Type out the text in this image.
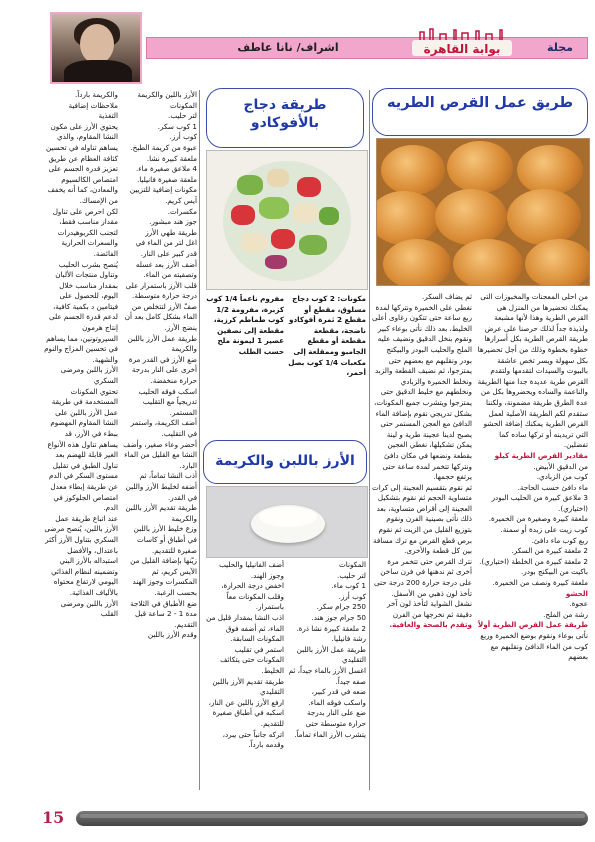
اشراف/ نانا عاطف	بوابة القاهرة	مجلة
طريق عمل القرص الطريه
من احلى المعجنات والمخبوزات التى يمكنك تحضيرها من المنزل هى القرص الطرية وهذا لأنها مشبعة ولذيذة جداً لذلك حرصنا على عرض طريقة القرص الطرية بكل أسرارها خطوة بخطوة وذلك من أجل تحضيرها بكل سهولة ويسر تخص عاشقة بالبيوت والسيدات لتقدمها ولتقدم القرص طرية عديدة جدا منها الطريقة والناعمة والساده ويحضروها بكل من عدة الطرق طريقة مضمونة، ولكننا ستقدم لكم الطريقة الأصلية لعمل القرص الطرية يمكنك إضافة الحشو التي تريدينه أو تركها ساده كما تفضلين.
مقادير القرص الطرية كيلو
من الدقيق الأبيض.
كوب من الزبادي.
ماء دافئ حسب الحاجة.
3 ملاعق كبيرة من الحليب البودر (اختياري).
ملعقة كبيرة وصغيرة من الخميرة.
كوب زيت على زبدة أو سمنة.
ربع كوب ماء دافئ.
2 ملعقة كبيرة من السكر.
2 ملعقة كبيرة من الخلطة (اختياري).
باكيت من البيكنج بودر.
ملعقة كبيرة ونصف من الخميرة.
الحشو
عجوة.
رشة من الملح.
طريقة عمل القرص الطرية أولاً
نأتى بوعاء ونقوم بوضع الخميرة وربع كوب من الماء الدافئ ونقلبهم مع بعضهم
ثم يضاف السكر.
نغطي على الخميرة ونتركها لمدة ربع ساعة حتى تتكون رغاوى أعلى الخليط، بعد ذلك نأتى بوعاء كبير ونقوم بنخل الدقيق ونضيف عليه الملح والحليب البودر والبيكنج بودر ونقلبهم مع بعضهم حتى يمتزجوا، ثم نضيف القطعة والزبد ونخلط الخميرة والزبادي ونخلطهم مع خليط الدقيق حتى يمتزجوا ويتشرب جميع المكونات، بشكل تدريجي نقوم بإضافة الماء الدافئ مع العجن المستمر حتى يصبح لدينا عجينة طرية و لينة يمكن تشكيلها، نغطي العجين بقطعة ونضعها في مكان دافئ ونتركها تتخمر لمدة ساعة حتى يرتفع حجمها.
ثم نقوم بتقسيم العجينة إلى كرات متساوية الحجم ثم نقوم بتشكيل العجينة إلى أقراص متساوية، بعد ذلك نأتى بصينية الفرن ونقوم بتوزيع القليل من الزيت ثم نقوم برص قطع القرص مع ترك مسافة بين كل قطعة والأخرى.
نترك القرص حتى تتخمر مرة أخرى ثم ندهنها في فرن ساخن على درجة حرارة 200 درجة حتى تأخذ لون ذهبي من الأسفل.
نشغل الشواية لتأخذ لون آخر دقيقة ثم نخرجها من الفرن
وتقدم بالصحة والعافية.
طريقة دجاج بالأفوكادو
مكونات: 2 كوب دجاج مسلوق، مقطع أو مقطع 2 ثمرة أفوكادو ناضجة، مقطعة مقطعة أو مقطع الجامبو وممقلعة إلى مكعبات 1/4 كوب بصل أحمر،
مفروم ناعماً 1/4 كوب كزبرة، مفرومة 1/2 كوب طماطم كرزية، مقطعة إلى نصفين عصير 1 ليمونة ملح حسب الطلب
الأرز باللبن والكريمة
المكونات
لتر حليب.
1 كوب ماء.
كوب أرز.
250 جرام سكر.
50 جرام جوز هند.
2 ملعقة كبيرة نشا ذرة.
رشة فانيليا.
طريقة عمل الأرز باللبن التقليدي
اغسل الأرز بالماء جيداً، ثم صفه جيداً.
ضعه في قدر كبير، واسكب فوقه الماء.
ضع على النار بدرجة حرارة متوسطة حتى يتشرب الأرز الماء تماماً.
أضف الفانيليا والحليب وجوز الهند.
اخفض درجة الحرارة، وقلب المكونات معاً باستمرار.
اذب النشا بمقدار قليل من الماء، ثم أضفه فوق المكونات السابقة.
استمر في تقليب المكونات حتى يتكاثف الخليط.
طريقة تقديم الأرز باللبن التقليدي
ارفع الأرز باللبن عن النار، اسكبه في أطباق صغيرة للتقديم.
اتركه جانباً حتى يبرد، وقدمه بارداً.
الأرز باللبن والكريمة المكونات
لتر حليب.
1 كوب سكر.
كوب أرز.
عبوة من كريمة الطبخ.
ملعقة كبيرة نشا.
4 ملاعق صغيرة ماء.
ملعقة صغيرة فانيليا.
مكونات إضافية للتزيين
آيس كريم.
مكسرات.
جوز هند مبشور.
طريقة طهي الأرز
اغل لتر من الماء في قدر كبير على النار.
أضف الأرز بعد غسله وتصفيته من الماء.
قلب الأرز باستمرار على درجة حرارة متوسطة.
صفّ الأرز لتتخلص من الماء بشكل كامل بعد أن ينضج الأرز.
طريقة عمل الأرز باللبن والكريمة
ضع الأرز في القدر مرة أخرى على النار بدرجة حرارة منخفضة.
اسكب فوقه الحليب تدريجياً مع التقليب المستمر.
أضف الكريمة، واستمر في التقليب.
أحضر وعاء صغير، وأضف النشا مع القليل من الماء البارد.
أذب النشا تماماً، ثم أضفه لخليط الأرز واللبن في القدر.
طريقة تقديم الأرز باللبن والكريمة
وزع خليط الأرز باللبن في أطباق أو كاسات صغيرة للتقديم.
زيّنها بإضافة القليل من الآيس كريم، ثم المكسرات وجوز الهند بحسب الرغبة.
ضع الأطباق في الثلاجة مدة 1 - 2 ساعة قبل التقديم.
وقدم الأرز باللبن
والكريمة بارداً.
ملاحظات إضافية
التغذية
يحتوي الأرز على مكون النشا المقاوم، والذي يساهم تناوله في تحسين كثافة العظام عن طريق تعزيز قدرة الجسم على امتصاص الكالسيوم والمعادن، كما أنه يخفف من الإمساك.
لكن احرص على تناول مقدار مناسب فقط، لتجنب الكربوهيدرات والسعرات الحرارية الفائضة.
يُنصح بشرب الحليب وتناول منتجات الألبان بمقدار مناسب خلال اليوم، للحصول على فيتامين د بكمية كافية، لدعم قدرة الجسم على إنتاج هرمون السيروتونين، مما يساهم في تحسين المزاج والنوم والشهية.
الأرز باللبن ومرضى السكري
تحتوي المكونات المستخدمة في طريقة عمل الأرز باللبن على النشا المقاوم المهضوم ببطء في الأرز، قد يساهم تناول هذه الأنواع الغير قابلة للهضم بعد تناول الطبق في تقليل مستوى السكر في الدم عن طريقة إبطاء معدل امتصاص الجلوكوز في الدم.
عند اتباع طريقة عمل الأرز باللبن، يُنصح مرضى السكري بتناول الأرز أكثر باعتدال، والأفضل استبداله بالأرز البني وتضمينه لنظام الغذائي اليومي لارتفاع محتواه بالألياف الغذائية.
الأرز باللبن ومرضى القلب
15
